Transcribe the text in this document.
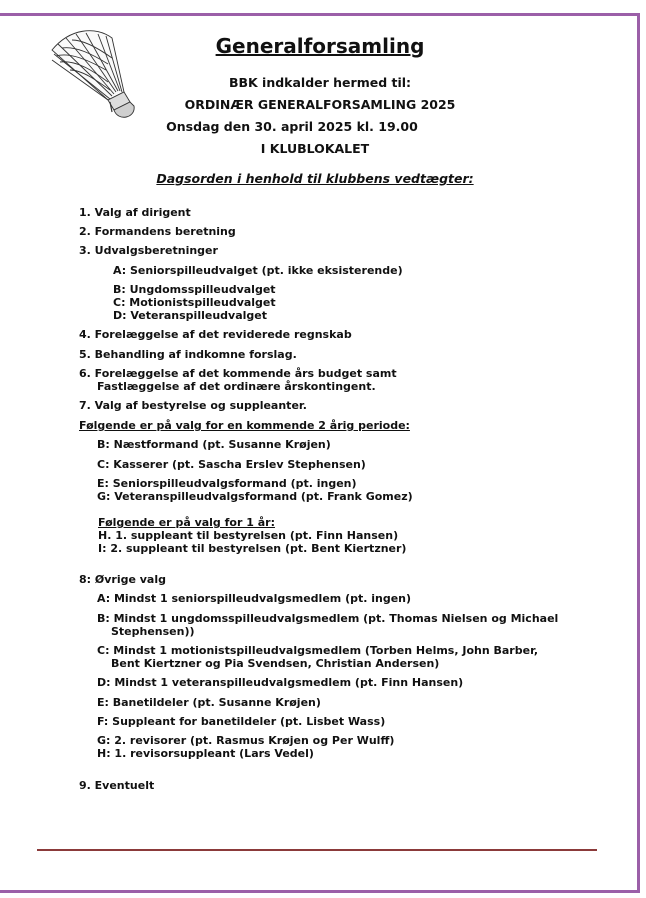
Generalforsamling
BBK indkalder hermed til:
ORDINÆR GENERALFORSAMLING 2025
Onsdag den 30. april 2025 kl. 19.00
I KLUBLOKALET
Dagsorden i henhold til klubbens vedtægter:
1. Valg af dirigent
2. Formandens beretning
3. Udvalgsberetninger
A: Seniorspilleudvalget (pt. ikke eksisterende)
B: Ungdomsspilleudvalget
C: Motionistspilleudvalget
D: Veteranspilleudvalget
4. Forelæggelse af det reviderede regnskab
5. Behandling af indkomne forslag.
6. Forelæggelse af det kommende års budget samt
Fastlæggelse af det ordinære årskontingent.
7. Valg af bestyrelse og suppleanter.
Følgende er på valg for en kommende 2 årig periode:
B: Næstformand (pt. Susanne Krøjen)
C: Kasserer (pt. Sascha Erslev Stephensen)
E: Seniorspilleudvalgsformand (pt. ingen)
G: Veteranspilleudvalgsformand (pt. Frank Gomez)
Følgende er på valg for 1 år:
H. 1. suppleant til bestyrelsen (pt. Finn Hansen)
I: 2. suppleant til bestyrelsen (pt. Bent Kiertzner)
8: Øvrige valg
A: Mindst 1 seniorspilleudvalgsmedlem (pt. ingen)
B: Mindst 1 ungdomsspilleudvalgsmedlem (pt. Thomas Nielsen og Michael
Stephensen))
C: Mindst 1 motionistspilleudvalgsmedlem (Torben Helms, John Barber,
Bent Kiertzner og Pia Svendsen, Christian Andersen)
D: Mindst 1 veteranspilleudvalgsmedlem (pt. Finn Hansen)
E: Banetildeler (pt. Susanne Krøjen)
F: Suppleant for banetildeler (pt. Lisbet Wass)
G: 2. revisorer (pt. Rasmus Krøjen og Per Wulff)
H: 1. revisorsuppleant (Lars Vedel)
9. Eventuelt
